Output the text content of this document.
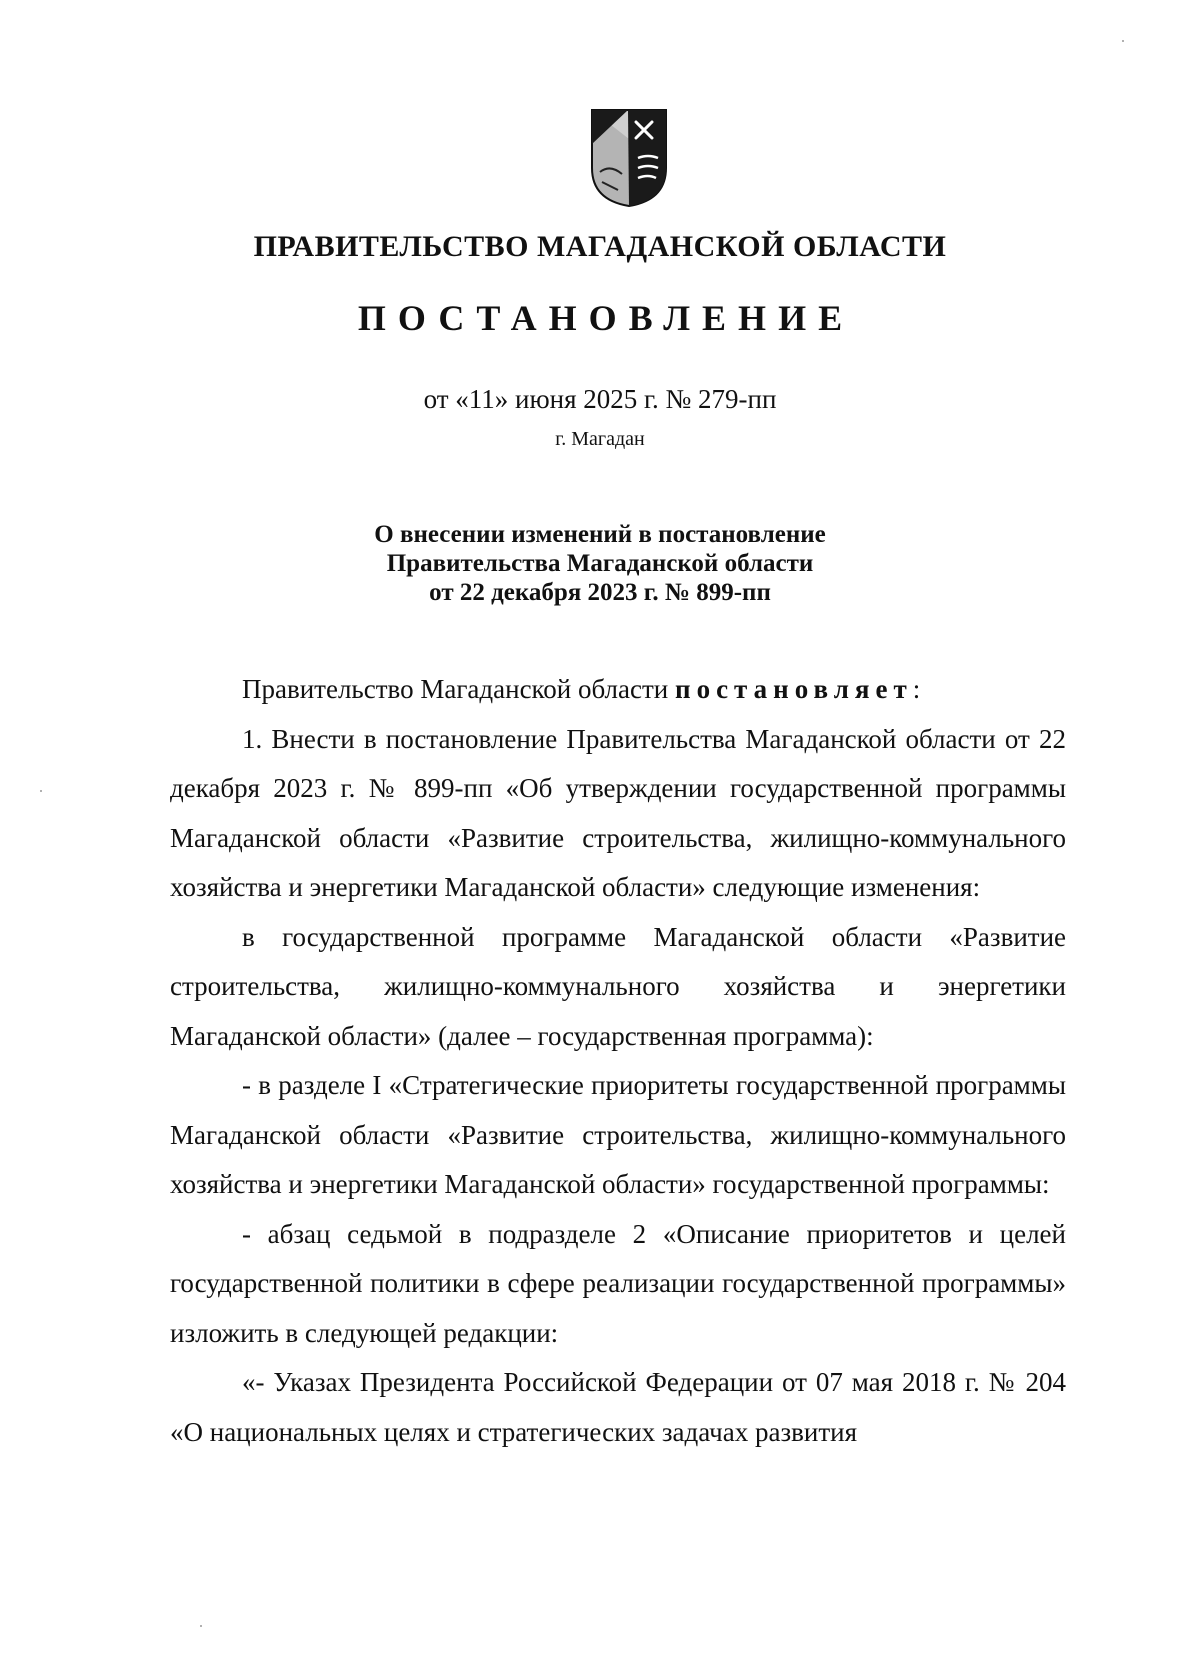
ПРАВИТЕЛЬСТВО МАГАДАНСКОЙ ОБЛАСТИ
ПОСТАНОВЛЕНИЕ
от «11» июня 2025 г. № 279-пп
г. Магадан
О внесении изменений в постановление
Правительства Магаданской области
от 22 декабря 2023 г. № 899-пп

Правительство Магаданской области постановляет:

1. Внести в постановление Правительства Магаданской области от 22 декабря 2023 г. № 899-пп «Об утверждении государственной программы Магаданской области «Развитие строительства, жилищно-коммунального хозяйства и энергетики Магаданской области» следующие изменения:

в государственной программе Магаданской области «Развитие строительства, жилищно-коммунального хозяйства и энергетики Магаданской области» (далее – государственная программа):

- в разделе I «Стратегические приоритеты государственной программы Магаданской области «Развитие строительства, жилищно-коммунального хозяйства и энергетики Магаданской области» государственной программы:

- абзац седьмой в подразделе 2 «Описание приоритетов и целей государственной политики в сфере реализации государственной программы» изложить в следующей редакции:

«- Указах Президента Российской Федерации от 07 мая 2018 г. № 204 «О национальных целях и стратегических задачах развития
